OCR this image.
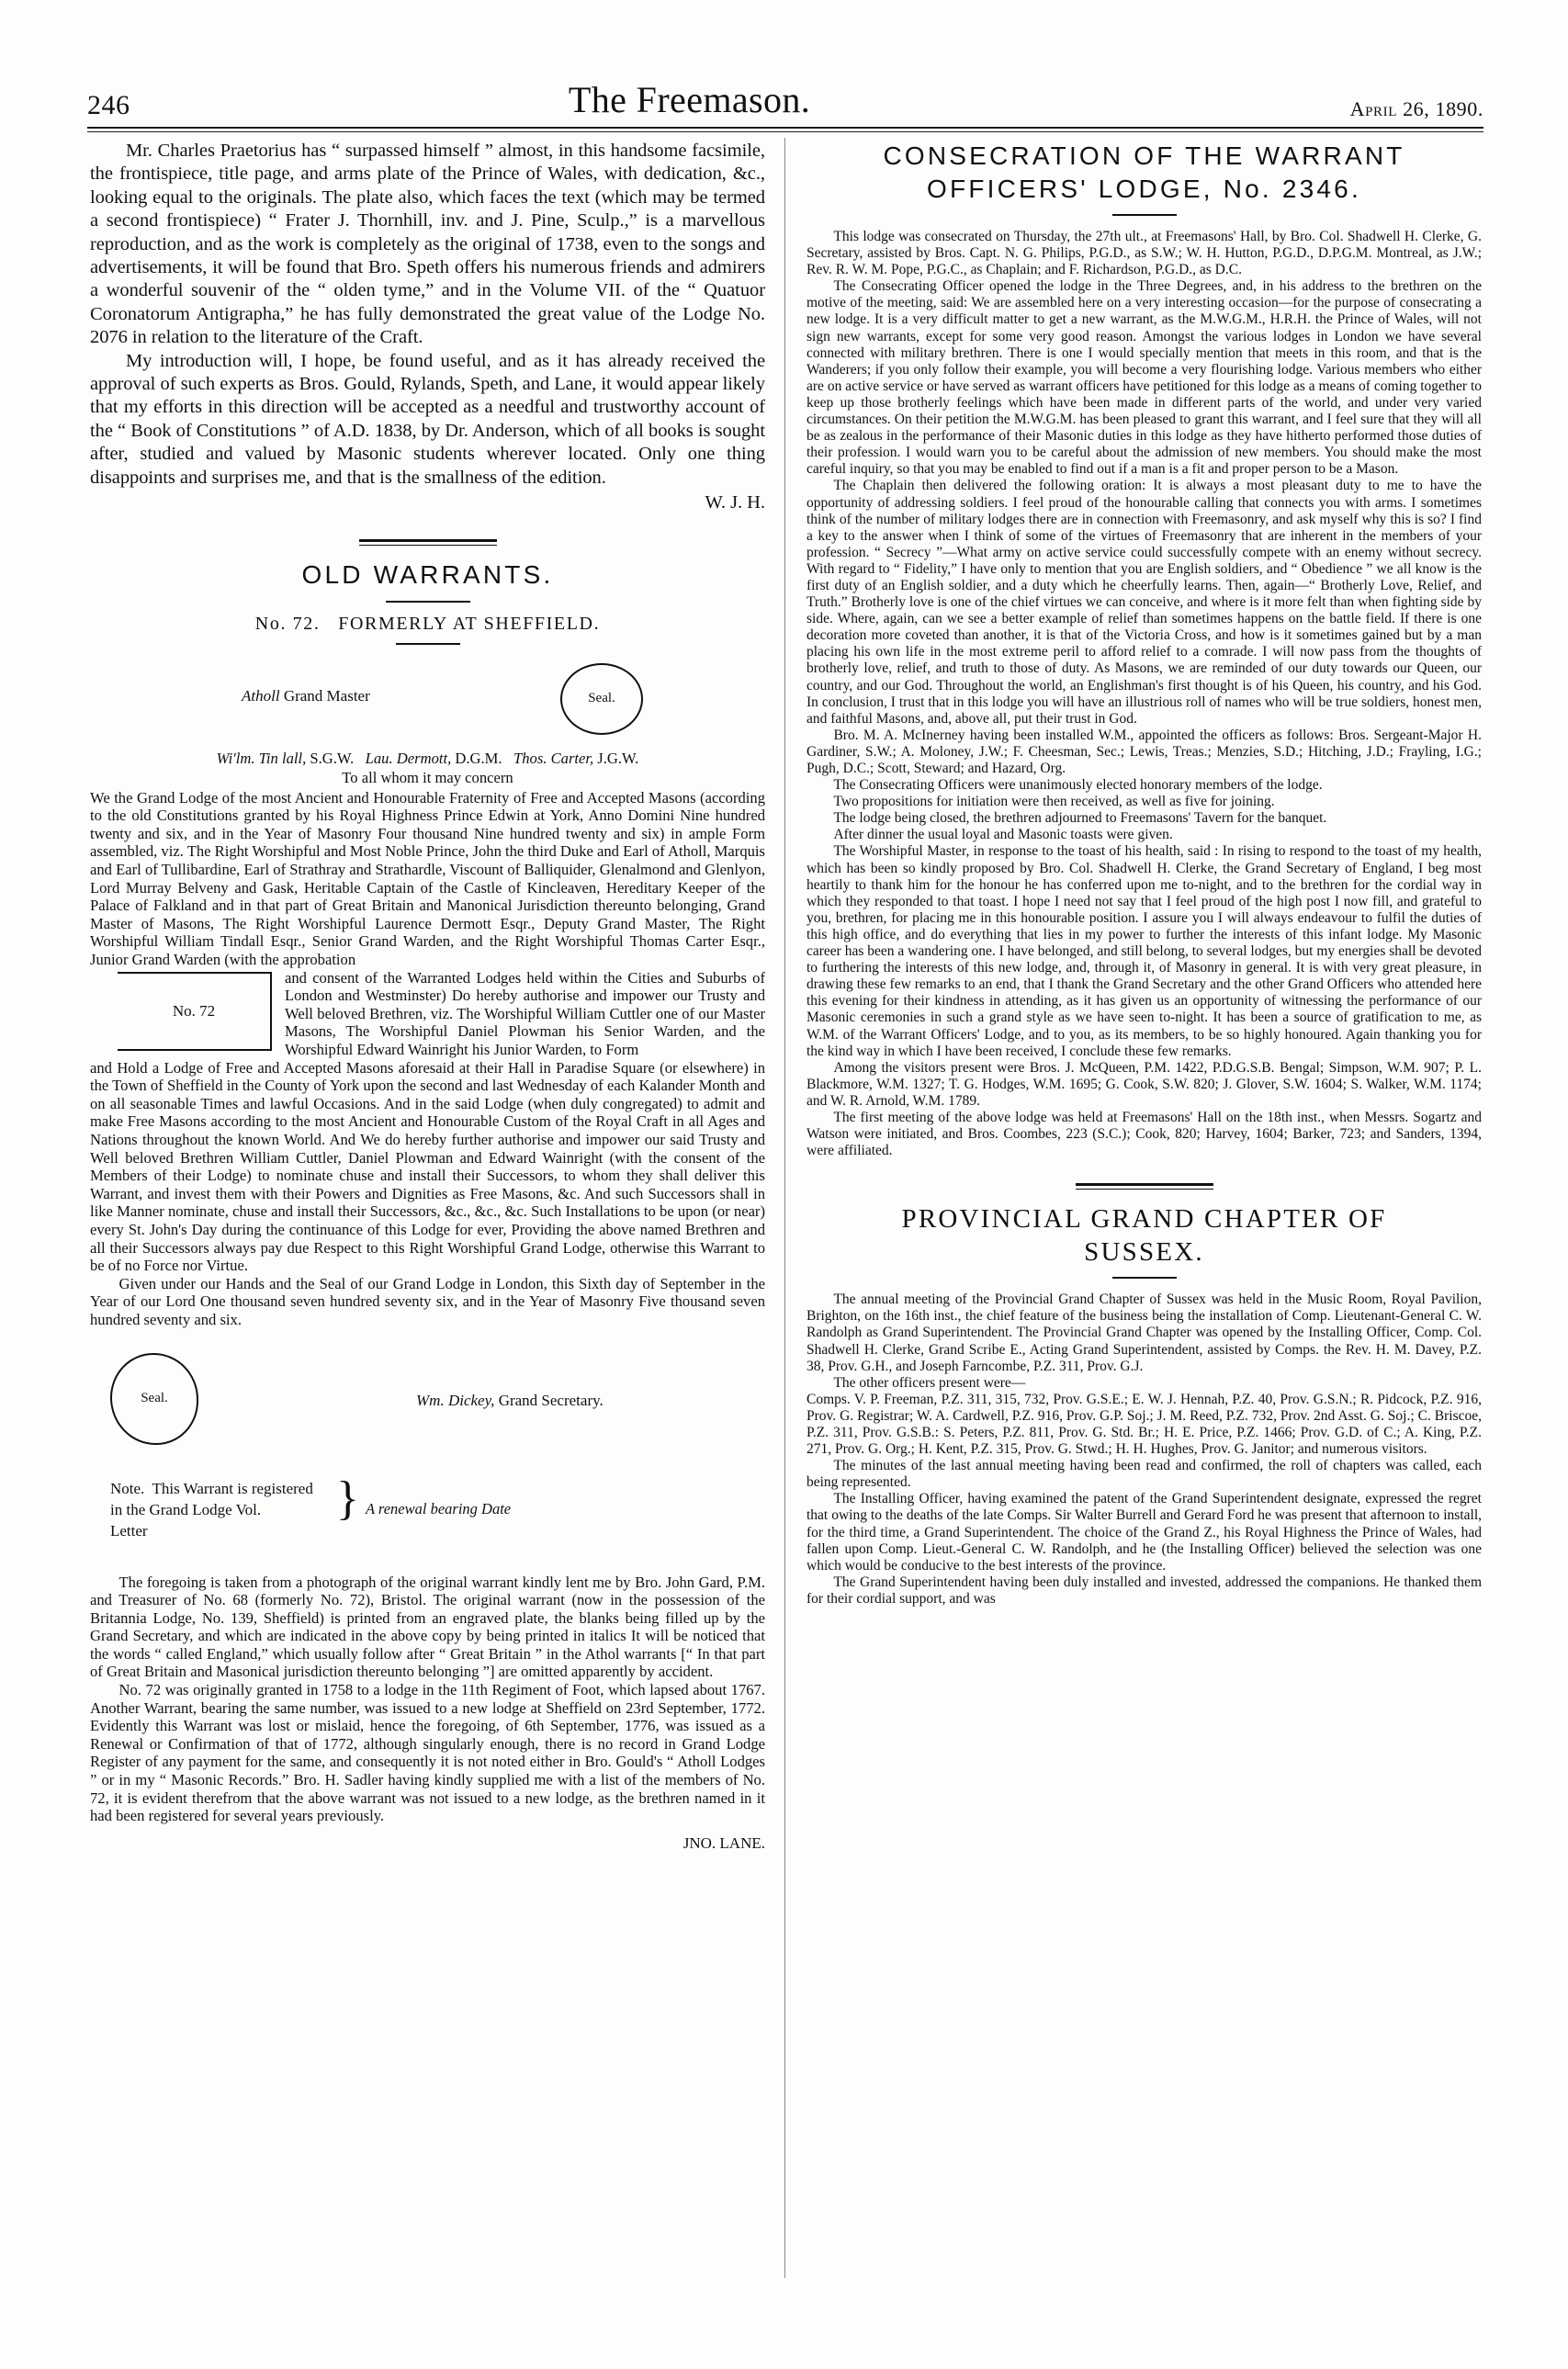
246	The Freemason.	april 26, 1890.

Mr. Charles Praetorius has “ surpassed himself ” almost, in this handsome facsimile, the frontispiece, title page, and arms plate of the Prince of Wales, with dedication, &c., looking equal to the originals. The plate also, which faces the text (which may be termed a second frontispiece) “ Frater J. Thornhill, inv. and J. Pine, Sculp.,” is a marvellous reproduction, and as the work is completely as the original of 1738, even to the songs and advertisements, it will be found that Bro. Speth offers his numerous friends and admirers a wonderful souvenir of the “ olden tyme,” and in the Volume VII. of the “ Quatuor Coronatorum Antigrapha,” he has fully demonstrated the great value of the Lodge No. 2076 in relation to the literature of the Craft.

My introduction will, I hope, be found useful, and as it has already received the approval of such experts as Bros. Gould, Rylands, Speth, and Lane, it would appear likely that my efforts in this direction will be accepted as a needful and trustworthy account of the “ Book of Constitutions ” of A.D. 1838, by Dr. Anderson, which of all books is sought after, studied and valued by Masonic students wherever located. Only one thing disappoints and surprises me, and that is the smallness of the edition.

W. J. H.

OLD WARRANTS.
No. 72. FORMERLY AT SHEFFIELD.
Atholl Grand Master	Seal.

Wi'lm. Tin lall, S.G.W.   Lau. Dermott, D.G.M.   Thos. Carter, J.G.W.

To all whom it may concern

We the Grand Lodge of the most Ancient and Honourable Fraternity of Free and Accepted Masons (according to the old Constitutions granted by his Royal Highness Prince Edwin at York, Anno Domini Nine hundred twenty and six, and in the Year of Masonry Four thousand Nine hundred twenty and six) in ample Form assembled, viz. The Right Worshipful and Most Noble Prince, John the third Duke and Earl of Atholl, Marquis and Earl of Tullibardine, Earl of Strathray and Strathardle, Viscount of Balliquider, Glenalmond and Glenlyon, Lord Murray Belveny and Gask, Heritable Captain of the Castle of Kincleaven, Hereditary Keeper of the Palace of Falkland and in that part of Great Britain and Manonical Jurisdiction thereunto belonging, Grand Master of Masons, The Right Worshipful Laurence Dermott Esqr., Deputy Grand Master, The Right Worshipful William Tindall Esqr., Senior Grand Warden, and the Right Worshipful Thomas Carter Esqr., Junior Grand Warden (with the approbation

No. 72

and consent of the Warranted Lodges held within the Cities and Suburbs of London and Westminster) Do hereby authorise and impower our Trusty and Well beloved Brethren, viz. The Worshipful William Cuttler one of our Master Masons, The Worshipful Daniel Plowman his Senior Warden, and the Worshipful Edward Wainright his Junior Warden, to Form

and Hold a Lodge of Free and Accepted Masons aforesaid at their Hall in Paradise Square (or elsewhere) in the Town of Sheffield in the County of York upon the second and last Wednesday of each Kalander Month and on all seasonable Times and lawful Occasions. And in the said Lodge (when duly congregated) to admit and make Free Masons according to the most Ancient and Honourable Custom of the Royal Craft in all Ages and Nations throughout the known World. And We do hereby further authorise and impower our said Trusty and Well beloved Brethren William Cuttler, Daniel Plowman and Edward Wainright (with the consent of the Members of their Lodge) to nominate chuse and install their Successors, to whom they shall deliver this Warrant, and invest them with their Powers and Dignities as Free Masons, &c. And such Successors shall in like Manner nominate, chuse and install their Successors, &c., &c., &c. Such Installations to be upon (or near) every St. John's Day during the continuance of this Lodge for ever, Providing the above named Brethren and all their Successors always pay due Respect to this Right Worshipful Grand Lodge, otherwise this Warrant to be of no Force nor Virtue.

Given under our Hands and the Seal of our Grand Lodge in London, this Sixth day of September in the Year of our Lord One thousand seven hundred seventy six, and in the Year of Masonry Five thousand seven hundred seventy and six.

Seal.	Wm. Dickey, Grand Secretary.
Note.  This Warrant is registered
in the Grand Lodge Vol.
Letter
} A renewal bearing Date

The foregoing is taken from a photograph of the original warrant kindly lent me by Bro. John Gard, P.M. and Treasurer of No. 68 (formerly No. 72), Bristol. The original warrant (now in the possession of the Britannia Lodge, No. 139, Sheffield) is printed from an engraved plate, the blanks being filled up by the Grand Secretary, and which are indicated in the above copy by being printed in italics It will be noticed that the words “ called England,” which usually follow after “ Great Britain ” in the Athol warrants [“ In that part of Great Britain and Masonical jurisdiction thereunto belonging ”] are omitted apparently by accident.

No. 72 was originally granted in 1758 to a lodge in the 11th Regiment of Foot, which lapsed about 1767. Another Warrant, bearing the same number, was issued to a new lodge at Sheffield on 23rd September, 1772. Evidently this Warrant was lost or mislaid, hence the foregoing, of 6th September, 1776, was issued as a Renewal or Confirmation of that of 1772, although singularly enough, there is no record in Grand Lodge Register of any payment for the same, and consequently it is not noted either in Bro. Gould's “ Atholl Lodges ” or in my “ Masonic Records.” Bro. H. Sadler having kindly supplied me with a list of the members of No. 72, it is evident therefrom that the above warrant was not issued to a new lodge, as the brethren named in it had been registered for several years previously.

JNO. LANE.

CONSECRATION OF THE WARRANT
OFFICERS' LODGE, No. 2346.

This lodge was consecrated on Thursday, the 27th ult., at Freemasons' Hall, by Bro. Col. Shadwell H. Clerke, G. Secretary, assisted by Bros. Capt. N. G. Philips, P.G.D., as S.W.; W. H. Hutton, P.G.D., D.P.G.M. Montreal, as J.W.; Rev. R. W. M. Pope, P.G.C., as Chaplain; and F. Richardson, P.G.D., as D.C.

The Consecrating Officer opened the lodge in the Three Degrees, and, in his address to the brethren on the motive of the meeting, said: We are assembled here on a very interesting occasion—for the purpose of consecrating a new lodge. It is a very difficult matter to get a new warrant, as the M.W.G.M., H.R.H. the Prince of Wales, will not sign new warrants, except for some very good reason. Amongst the various lodges in London we have several connected with military brethren. There is one I would specially mention that meets in this room, and that is the Wanderers; if you only follow their example, you will become a very flourishing lodge. Various members who either are on active service or have served as warrant officers have petitioned for this lodge as a means of coming together to keep up those brotherly feelings which have been made in different parts of the world, and under very varied circumstances. On their petition the M.W.G.M. has been pleased to grant this warrant, and I feel sure that they will all be as zealous in the performance of their Masonic duties in this lodge as they have hitherto performed those duties of their profession. I would warn you to be careful about the admission of new members. You should make the most careful inquiry, so that you may be enabled to find out if a man is a fit and proper person to be a Mason.

The Chaplain then delivered the following oration: It is always a most pleasant duty to me to have the opportunity of addressing soldiers. I feel proud of the honourable calling that connects you with arms. I sometimes think of the number of military lodges there are in connection with Freemasonry, and ask myself why this is so? I find a key to the answer when I think of some of the virtues of Freemasonry that are inherent in the members of your profession. “ Secrecy ”—What army on active service could successfully compete with an enemy without secrecy. With regard to “ Fidelity,” I have only to mention that you are English soldiers, and “ Obedience ” we all know is the first duty of an English soldier, and a duty which he cheerfully learns. Then, again—“ Brotherly Love, Relief, and Truth.” Brotherly love is one of the chief virtues we can conceive, and where is it more felt than when fighting side by side. Where, again, can we see a better example of relief than sometimes happens on the battle field. If there is one decoration more coveted than another, it is that of the Victoria Cross, and how is it sometimes gained but by a man placing his own life in the most extreme peril to afford relief to a comrade. I will now pass from the thoughts of brotherly love, relief, and truth to those of duty. As Masons, we are reminded of our duty towards our Queen, our country, and our God. Throughout the world, an Englishman's first thought is of his Queen, his country, and his God. In conclusion, I trust that in this lodge you will have an illustrious roll of names who will be true soldiers, honest men, and faithful Masons, and, above all, put their trust in God.

Bro. M. A. McInerney having been installed W.M., appointed the officers as follows: Bros. Sergeant-Major H. Gardiner, S.W.; A. Moloney, J.W.; F. Cheesman, Sec.; Lewis, Treas.; Menzies, S.D.; Hitching, J.D.; Frayling, I.G.; Pugh, D.C.; Scott, Steward; and Hazard, Org.

The Consecrating Officers were unanimously elected honorary members of the lodge.

Two propositions for initiation were then received, as well as five for joining.

The lodge being closed, the brethren adjourned to Freemasons' Tavern for the banquet.

After dinner the usual loyal and Masonic toasts were given.

The Worshipful Master, in response to the toast of his health, said : In rising to respond to the toast of my health, which has been so kindly proposed by Bro. Col. Shadwell H. Clerke, the Grand Secretary of England, I beg most heartily to thank him for the honour he has conferred upon me to-night, and to the brethren for the cordial way in which they responded to that toast. I hope I need not say that I feel proud of the high post I now fill, and grateful to you, brethren, for placing me in this honourable position. I assure you I will always endeavour to fulfil the duties of this high office, and do everything that lies in my power to further the interests of this infant lodge. My Masonic career has been a wandering one. I have belonged, and still belong, to several lodges, but my energies shall be devoted to furthering the interests of this new lodge, and, through it, of Masonry in general. It is with very great pleasure, in drawing these few remarks to an end, that I thank the Grand Secretary and the other Grand Officers who attended here this evening for their kindness in attending, as it has given us an opportunity of witnessing the performance of our Masonic ceremonies in such a grand style as we have seen to-night. It has been a source of gratification to me, as W.M. of the Warrant Officers' Lodge, and to you, as its members, to be so highly honoured. Again thanking you for the kind way in which I have been received, I conclude these few remarks.

Among the visitors present were Bros. J. McQueen, P.M. 1422, P.D.G.S.B. Bengal; Simpson, W.M. 907; P. L. Blackmore, W.M. 1327; T. G. Hodges, W.M. 1695; G. Cook, S.W. 820; J. Glover, S.W. 1604; S. Walker, W.M. 1174; and W. R. Arnold, W.M. 1789.

The first meeting of the above lodge was held at Freemasons' Hall on the 18th inst., when Messrs. Sogartz and Watson were initiated, and Bros. Coombes, 223 (S.C.); Cook, 820; Harvey, 1604; Barker, 723; and Sanders, 1394, were affiliated.

PROVINCIAL GRAND CHAPTER OF
SUSSEX.

The annual meeting of the Provincial Grand Chapter of Sussex was held in the Music Room, Royal Pavilion, Brighton, on the 16th inst., the chief feature of the business being the installation of Comp. Lieutenant-General C. W. Randolph as Grand Superintendent. The Provincial Grand Chapter was opened by the Installing Officer, Comp. Col. Shadwell H. Clerke, Grand Scribe E., Acting Grand Superintendent, assisted by Comps. the Rev. H. M. Davey, P.Z. 38, Prov. G.H., and Joseph Farncombe, P.Z. 311, Prov. G.J.

The other officers present were—

Comps. V. P. Freeman, P.Z. 311, 315, 732, Prov. G.S.E.; E. W. J. Hennah, P.Z. 40, Prov. G.S.N.; R. Pidcock, P.Z. 916, Prov. G. Registrar; W. A. Cardwell, P.Z. 916, Prov. G.P. Soj.; J. M. Reed, P.Z. 732, Prov. 2nd Asst. G. Soj.; C. Briscoe, P.Z. 311, Prov. G.S.B.: S. Peters, P.Z. 811, Prov. G. Std. Br.; H. E. Price, P.Z. 1466; Prov. G.D. of C.; A. King, P.Z. 271, Prov. G. Org.; H. Kent, P.Z. 315, Prov. G. Stwd.; H. H. Hughes, Prov. G. Janitor; and numerous visitors.

The minutes of the last annual meeting having been read and confirmed, the roll of chapters was called, each being represented.

The Installing Officer, having examined the patent of the Grand Superintendent designate, expressed the regret that owing to the deaths of the late Comps. Sir Walter Burrell and Gerard Ford he was present that afternoon to install, for the third time, a Grand Superintendent. The choice of the Grand Z., his Royal Highness the Prince of Wales, had fallen upon Comp. Lieut.-General C. W. Randolph, and he (the Installing Officer) believed the selection was one which would be conducive to the best interests of the province.

The Grand Superintendent having been duly installed and invested, addressed the companions. He thanked them for their cordial support, and was
